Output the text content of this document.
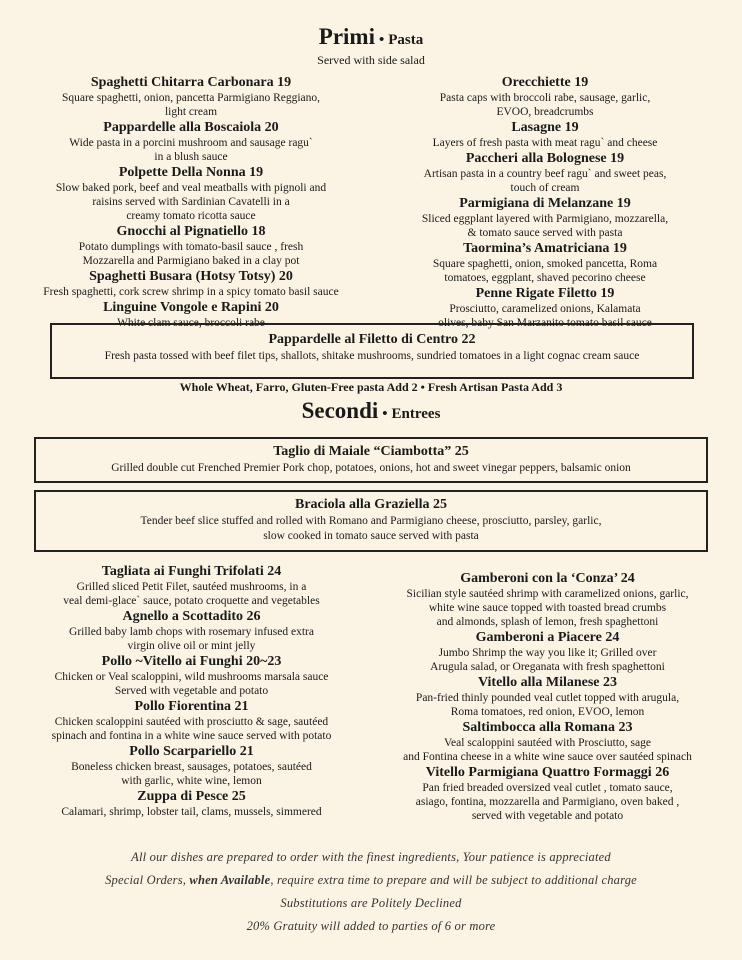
Primi • Pasta
Served with side salad
Spaghetti Chitarra Carbonara 19
Square spaghetti, onion, pancetta Parmigiano Reggiano,
light cream
Pappardelle alla Boscaiola 20
Wide pasta in a porcini mushroom and sausage ragu`
in a blush sauce
Polpette Della Nonna 19
Slow baked pork, beef and veal meatballs with pignoli and
raisins served with Sardinian Cavatelli in a
creamy tomato ricotta sauce
Gnocchi al Pignatiello 18
Potato dumplings with tomato-basil sauce , fresh
Mozzarella and Parmigiano baked in a clay pot
Spaghetti Busara (Hotsy Totsy) 20
Fresh spaghetti, cork screw shrimp in a spicy tomato basil sauce
Linguine Vongole e Rapini 20
White clam sauce, broccoli rabe
Orecchiette 19
Pasta caps with broccoli rabe, sausage, garlic,
EVOO, breadcrumbs
Lasagne 19
Layers of fresh pasta with meat ragu` and cheese
Paccheri alla Bolognese 19
Artisan pasta in a country beef ragu` and sweet peas,
touch of cream
Parmigiana di Melanzane 19
Sliced eggplant layered with Parmigiano, mozzarella,
& tomato sauce served with pasta
Taormina’s Amatriciana 19
Square spaghetti, onion, smoked pancetta, Roma
tomatoes, eggplant, shaved pecorino cheese
Penne Rigate Filetto 19
Prosciutto, caramelized onions, Kalamata
olives, baby San Marzanito tomato basil sauce
Pappardelle al Filetto di Centro 22
Fresh pasta tossed with beef filet tips, shallots, shitake mushrooms, sundried tomatoes in a light cognac cream sauce
Whole Wheat, Farro, Gluten-Free pasta Add 2 • Fresh Artisan Pasta Add 3
Secondi • Entrees
Taglio di Maiale “Ciambotta” 25
Grilled double cut Frenched Premier Pork chop, potatoes, onions, hot and sweet vinegar peppers, balsamic onion
Braciola alla Graziella 25
Tender beef slice stuffed and rolled with Romano and Parmigiano cheese, prosciutto, parsley, garlic,
slow cooked in tomato sauce served with pasta
Tagliata ai Funghi Trifolati 24
Grilled sliced Petit Filet, sautéed mushrooms, in a
veal demi-glace` sauce, potato croquette and vegetables
Agnello a Scottadito 26
Grilled baby lamb chops with rosemary infused extra
virgin olive oil or mint jelly
Pollo ~Vitello ai Funghi 20~23
Chicken or Veal scaloppini, wild mushrooms marsala sauce
Served with vegetable and potato
Pollo Fiorentina 21
Chicken scaloppini sautéed with prosciutto & sage, sautéed
spinach and fontina in a white wine sauce served with potato
Pollo Scarpariello 21
Boneless chicken breast, sausages, potatoes, sautéed
with garlic, white wine, lemon
Zuppa di Pesce 25
Calamari, shrimp, lobster tail, clams, mussels, simmered
Gamberoni con la ‘Conza’ 24
Sicilian style sautéed shrimp with caramelized onions, garlic,
white wine sauce topped with toasted bread crumbs
and almonds, splash of lemon, fresh spaghettoni
Gamberoni a Piacere 24
Jumbo Shrimp the way you like it; Grilled over
Arugula salad, or Oreganata with fresh spaghettoni
Vitello alla Milanese 23
Pan-fried thinly pounded veal cutlet topped with arugula,
Roma tomatoes, red onion, EVOO, lemon
Saltimbocca alla Romana 23
Veal scaloppini sautéed with Prosciutto, sage
and Fontina cheese in a white wine sauce over sautéed spinach
Vitello Parmigiana Quattro Formaggi 26
Pan fried breaded oversized veal cutlet , tomato sauce,
asiago, fontina, mozzarella and Parmigiano, oven baked ,
served with vegetable and potato
All our dishes are prepared to order with the finest ingredients, Your patience is appreciated
Special Orders, when Available, require extra time to prepare and will be subject to additional charge
Substitutions are Politely Declined
20% Gratuity will added to parties of 6 or more
